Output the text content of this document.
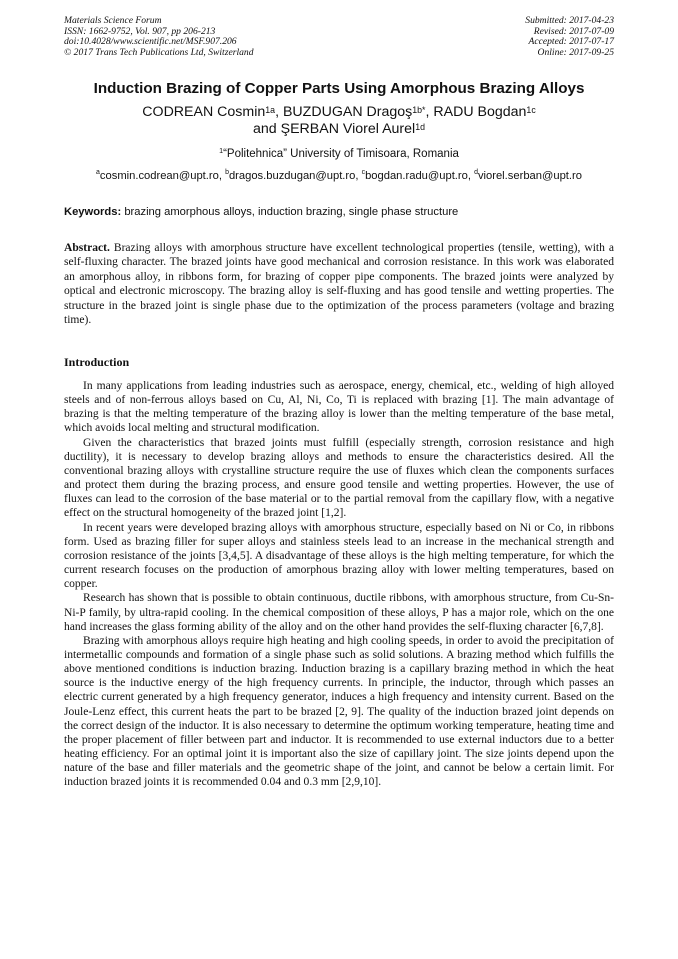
Materials Science Forum
ISSN: 1662-9752, Vol. 907, pp 206-213
doi:10.4028/www.scientific.net/MSF.907.206
© 2017 Trans Tech Publications Ltd, Switzerland
Submitted: 2017-04-23
Revised: 2017-07-09
Accepted: 2017-07-17
Online: 2017-09-25
Induction Brazing of Copper Parts Using Amorphous Brazing Alloys
CODREAN Cosmin$^{1a}$, BUZDUGAN Dragoş$^{1b*}$, RADU Bogdan$^{1c}$
and ŞERBAN Viorel Aurel$^{1d}$
$^1$“Politehnica” University of Timisoara, Romania
$^a$cosmin.codrean@upt.ro, $^b$dragos.buzdugan@upt.ro, $^c$bogdan.radu@upt.ro, $^d$viorel.serban@upt.ro
Keywords: brazing amorphous alloys, induction brazing, single phase structure
Abstract. Brazing alloys with amorphous structure have excellent technological properties (tensile, wetting), with a self-fluxing character. The brazed joints have good mechanical and corrosion resistance. In this work was elaborated an amorphous alloy, in ribbons form, for brazing of copper pipe components. The brazed joints were analyzed by optical and electronic microscopy. The brazing alloy is self-fluxing and has good tensile and wetting properties. The structure in the brazed joint is single phase due to the optimization of the process parameters (voltage and brazing time).
Introduction

In many applications from leading industries such as aerospace, energy, chemical, etc., welding of high alloyed steels and of non-ferrous alloys based on Cu, Al, Ni, Co, Ti is replaced with brazing [1]. The main advantage of brazing is that the melting temperature of the brazing alloy is lower than the melting temperature of the base metal, which avoids local melting and structural modification.

Given the characteristics that brazed joints must fulfill (especially strength, corrosion resistance and high ductility), it is necessary to develop brazing alloys and methods to ensure the characteristics desired. All the conventional brazing alloys with crystalline structure require the use of fluxes which clean the components surfaces and protect them during the brazing process, and ensure good tensile and wetting properties. However, the use of fluxes can lead to the corrosion of the base material or to the partial removal from the capillary flow, with a negative effect on the structural homogeneity of the brazed joint [1,2].

In recent years were developed brazing alloys with amorphous structure, especially based on Ni or Co, in ribbons form. Used as brazing filler for super alloys and stainless steels lead to an increase in the mechanical strength and corrosion resistance of the joints [3,4,5]. A disadvantage of these alloys is the high melting temperature, for which the current research focuses on the production of amorphous brazing alloy with lower melting temperatures, based on copper.

Research has shown that is possible to obtain continuous, ductile ribbons, with amorphous structure, from Cu-Sn-Ni-P family, by ultra-rapid cooling. In the chemical composition of these alloys, P has a major role, which on the one hand increases the glass forming ability of the alloy and on the other hand provides the self-fluxing character [6,7,8].

Brazing with amorphous alloys require high heating and high cooling speeds, in order to avoid the precipitation of intermetallic compounds and formation of a single phase such as solid solutions. A brazing method which fulfills the above mentioned conditions is induction brazing. Induction brazing is a capillary brazing method in which the heat source is the inductive energy of the high frequency currents. In principle, the inductor, through which passes an electric current generated by a high frequency generator, induces a high frequency and intensity current. Based on the Joule-Lenz effect, this current heats the part to be brazed [2, 9]. The quality of the induction brazed joint depends on the correct design of the inductor. It is also necessary to determine the optimum working temperature, heating time and the proper placement of filler between part and inductor. It is recommended to use external inductors due to a better heating efficiency. For an optimal joint it is important also the size of capillary joint. The size joints depend upon the nature of the base and filler materials and the geometric shape of the joint, and cannot be below a certain limit. For induction brazed joints it is recommended 0.04 and 0.3 mm [2,9,10].
